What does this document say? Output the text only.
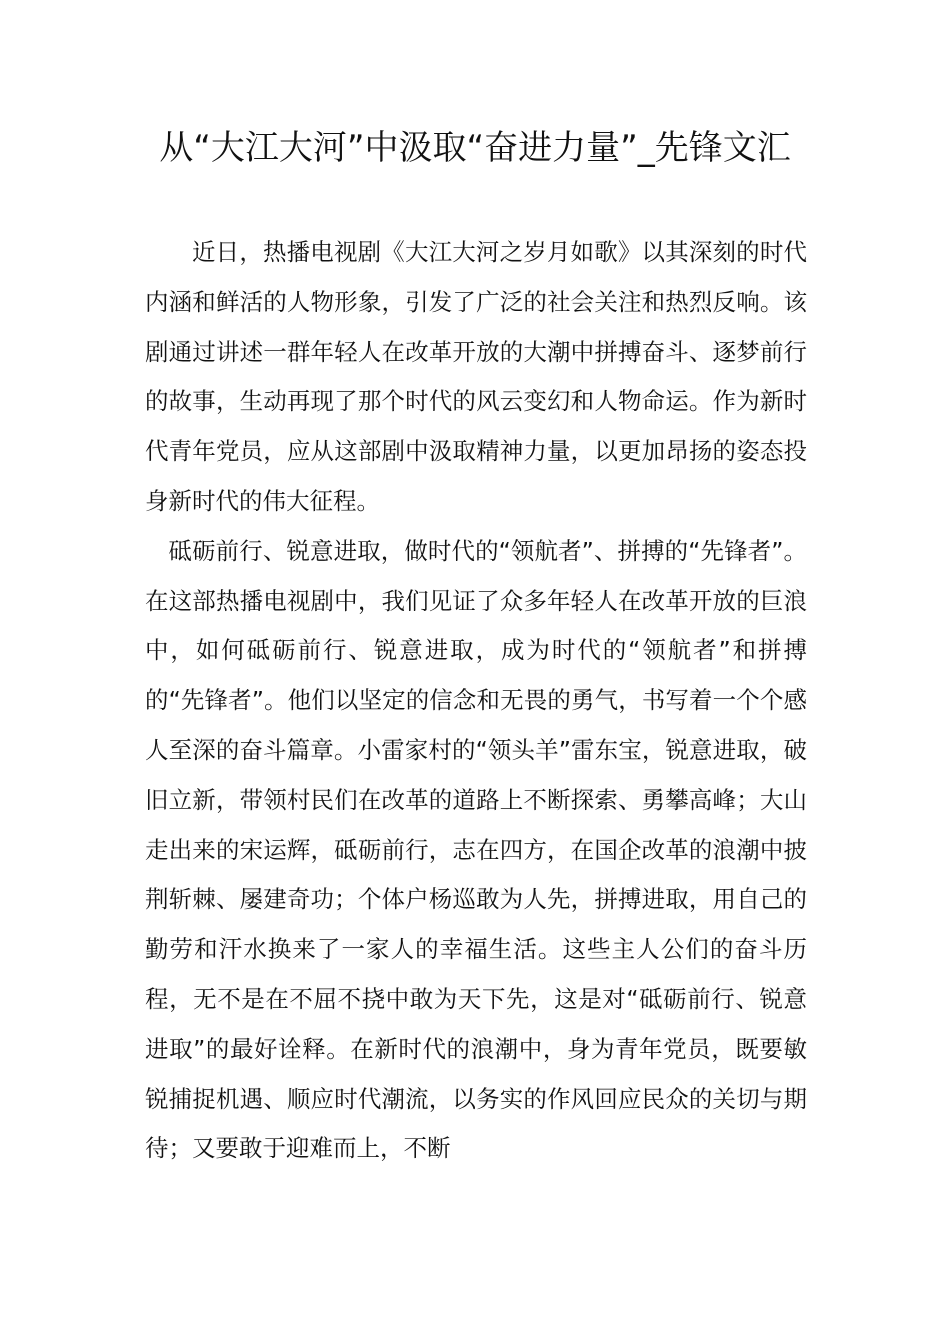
从“大江大河”中汲取“奋进力量”_先锋文汇

近日，热播电视剧《大江大河之岁月如歌》以其深刻的时代内涵和鲜活的人物形象，引发了广泛的社会关注和热烈反响。该剧通过讲述一群年轻人在改革开放的大潮中拼搏奋斗、逐梦前行的故事，生动再现了那个时代的风云变幻和人物命运。作为新时代青年党员，应从这部剧中汲取精神力量，以更加昂扬的姿态投身新时代的伟大征程。

砥砺前行、锐意进取，做时代的“领航者”、拼搏的“先锋者”。在这部热播电视剧中，我们见证了众多年轻人在改革开放的巨浪中，如何砥砺前行、锐意进取，成为时代的“领航者”和拼搏的“先锋者”。他们以坚定的信念和无畏的勇气，书写着一个个感人至深的奋斗篇章。小雷家村的“领头羊”雷东宝，锐意进取，破旧立新，带领村民们在改革的道路上不断探索、勇攀高峰；大山走出来的宋运辉，砥砺前行，志在四方，在国企改革的浪潮中披荆斩棘、屡建奇功；个体户杨巡敢为人先，拼搏进取，用自己的勤劳和汗水换来了一家人的幸福生活。这些主人公们的奋斗历程，无不是在不屈不挠中敢为天下先，这是对“砥砺前行、锐意进取”的最好诠释。在新时代的浪潮中，身为青年党员，既要敏锐捕捉机遇、顺应时代潮流，以务实的作风回应民众的关切与期待；又要敢于迎难而上，不断
